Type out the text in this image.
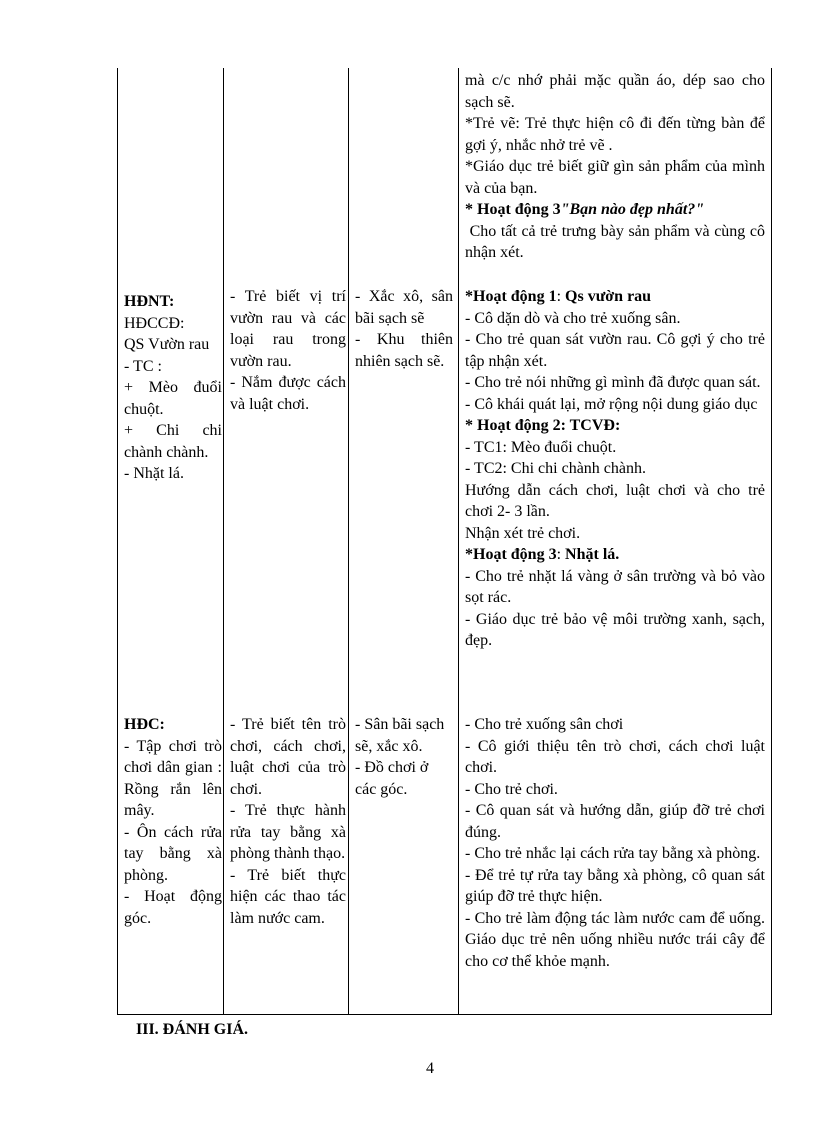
mà c/c nhớ phải mặc quần áo, dép sao cho sạch sẽ.

*Trẻ vẽ: Trẻ thực hiện cô đi đến từng bàn để gợi ý, nhắc nhở trẻ vẽ .

*Giáo dục trẻ biết giữ gìn sản phẩm của mình và của bạn.

* Hoạt động 3"Bạn nào đẹp nhất?"

Cho tất cả trẻ trưng bày sản phẩm và cùng cô nhận xét.

HĐNT:

HĐCCĐ:

QS Vườn rau

- TC :

+ Mèo đuổi chuột.

+ Chi chi chành chành.

- Nhặt lá.

- Trẻ biết vị trí vườn rau và các loại rau trong vườn rau.

- Nắm được cách và luật chơi.

- Xắc xô, sân bãi sạch sẽ

- Khu thiên nhiên sạch sẽ.

*Hoạt động 1: Qs vườn rau

- Cô dặn dò và cho trẻ xuống sân.

- Cho trẻ quan sát vườn rau. Cô gợi ý cho trẻ tập nhận xét.

- Cho trẻ nói những gì mình đã được quan sát.

- Cô khái quát lại, mở rộng nội dung giáo dục

* Hoạt động 2: TCVĐ:

- TC1: Mèo đuổi chuột.

- TC2: Chi chi chành chành.

Hướng dẫn cách chơi, luật chơi và cho trẻ chơi 2- 3 lần.

Nhận xét trẻ chơi.

*Hoạt động 3: Nhặt lá.

- Cho trẻ nhặt lá vàng ở sân trường và bỏ vào sọt rác.

- Giáo dục trẻ bảo vệ môi trường xanh, sạch, đẹp.

HĐC:

- Tập chơi trò chơi dân gian : Rồng rắn lên mây.

- Ôn cách rửa tay bằng xà phòng.

- Hoạt động góc.

- Trẻ biết tên trò chơi, cách chơi, luật chơi của trò chơi.

- Trẻ thực hành rửa tay bằng xà phòng thành thạo.

- Trẻ biết thực hiện các thao tác làm nước cam.

- Sân bãi sạch sẽ, xắc xô.

- Đồ chơi ở các góc.

- Cho trẻ xuống sân chơi

- Cô giới thiệu tên trò chơi, cách chơi luật chơi.

- Cho trẻ chơi.

- Cô quan sát và hướng dẫn, giúp đỡ trẻ chơi đúng.

- Cho trẻ nhắc lại cách rửa tay bằng xà phòng.

- Để trẻ tự rửa tay bằng xà phòng, cô quan sát giúp đỡ trẻ thực hiện.

- Cho trẻ làm động tác làm nước cam để uống. Giáo dục trẻ nên uống nhiều nước trái cây để cho cơ thể khỏe mạnh.

III. ĐÁNH GIÁ.
4
